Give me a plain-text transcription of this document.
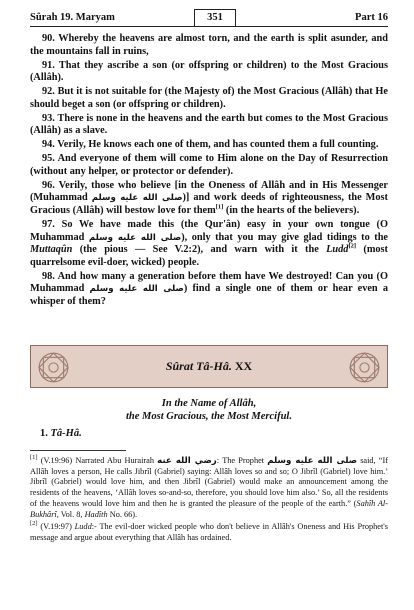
Sûrah 19. Maryam	351	Part 16

90. Whereby the heavens are almost torn, and the earth is split asunder, and the mountains fall in ruins,

91. That they ascribe a son (or offspring or children) to the Most Gracious (Allâh).

92. But it is not suitable for (the Majesty of) the Most Gracious (Allâh) that He should beget a son (or offspring or children).

93. There is none in the heavens and the earth but comes to the Most Gracious (Allâh) as a slave.

94. Verily, He knows each one of them, and has counted them a full counting.

95. And everyone of them will come to Him alone on the Day of Resurrection (without any helper, or protector or defender).

96. Verily, those who believe [in the Oneness of Allâh and in His Messenger (Muhammad صلى الله عليه وسلم)] and work deeds of righteousness, the Most Gracious (Allâh) will bestow love for them[1] (in the hearts of the believers).

97. So We have made this (the Qur'ân) easy in your own tongue (O Muhammad صلى الله عليه وسلم), only that you may give glad tidings to the Muttaqûn (the pious — See V.2:2), and warn with it the Ludd[2] (most quarrelsome evil-doer, wicked) people.

98. And how many a generation before them have We destroyed! Can you (O Muhammad صلى الله عليه وسلم) find a single one of them or hear even a whisper of them?

Sûrat Tâ-Hâ. XX
In the Name of Allâh,
the Most Gracious, the Most Merciful.
1. Tâ-Hâ.

[1] (V.19:96) Narrated Abu Hurairah رضي الله عنه: The Prophet صلى الله عليه وسلم said, “If Allâh loves a person, He calls Jibrîl (Gabriel) saying: Allâh loves so and so; O Jibrîl (Gabriel) love him.’ Jibrîl (Gabriel) would love him, and then Jibrîl (Gabriel) would make an announcement among the residents of the heavens, ‘Allâh loves so-and-so, therefore, you should love him also.’ So, all the residents of the heavens would love him and then he is granted the pleasure of the people of the earth.” (Sahîh Al-Bukhârî, Vol. 8, Hadîth No. 66).

[2] (V.19:97) Ludd:- The evil-doer wicked people who don't believe in Allâh's Oneness and His Prophet's message and argue about everything that Allâh has ordained.
